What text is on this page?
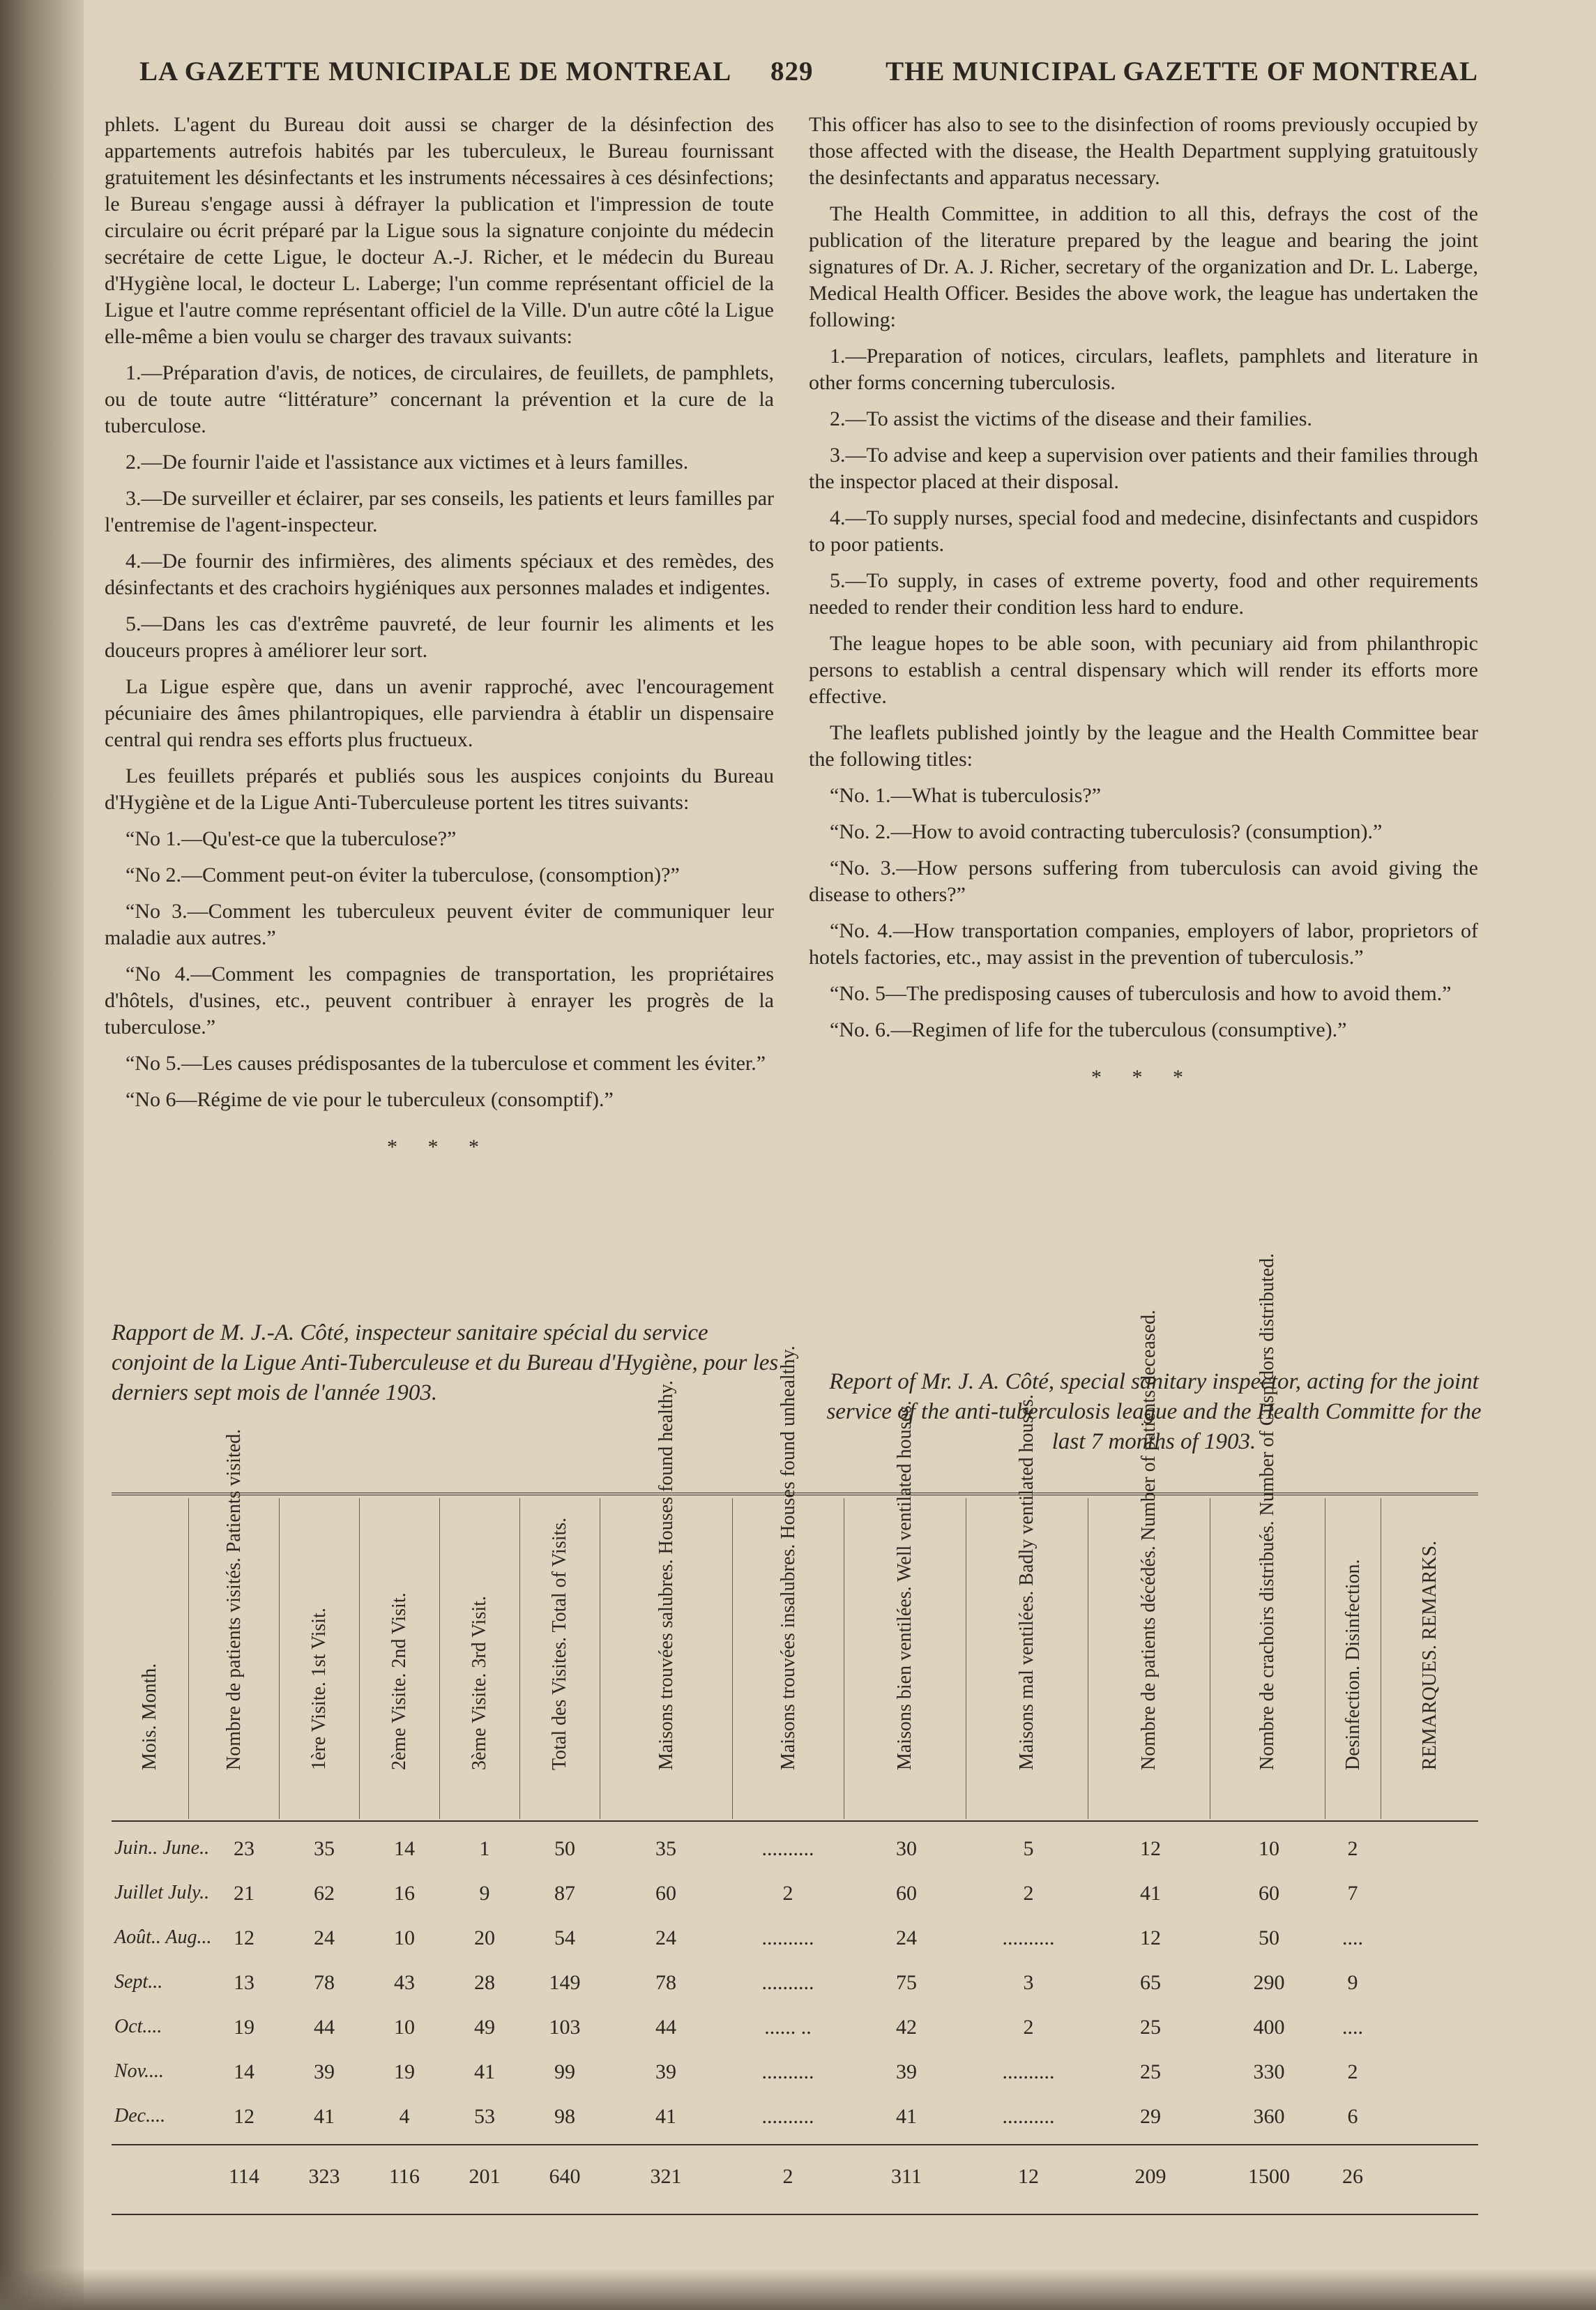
LA GAZETTE MUNICIPALE DE MONTREAL 829	THE MUNICIPAL GAZETTE OF MONTREAL

phlets. L'agent du Bureau doit aussi se charger de la désinfection des appartements autrefois habités par les tuberculeux, le Bureau fournissant gratuitement les désinfectants et les instruments nécessaires à ces désinfections; le Bureau s'engage aussi à défrayer la publication et l'impression de toute circulaire ou écrit préparé par la Ligue sous la signature conjointe du médecin secrétaire de cette Ligue, le docteur A.-J. Richer, et le médecin du Bureau d'Hygiène local, le docteur L. Laberge; l'un comme représentant officiel de la Ligue et l'autre comme représentant officiel de la Ville. D'un autre côté la Ligue elle-même a bien voulu se charger des travaux suivants:

1.—Préparation d'avis, de notices, de circulaires, de feuillets, de pamphlets, ou de toute autre “littérature” concernant la prévention et la cure de la tuberculose.

2.—De fournir l'aide et l'assistance aux victimes et à leurs familles.

3.—De surveiller et éclairer, par ses conseils, les patients et leurs familles par l'entremise de l'agent-inspecteur.

4.—De fournir des infirmières, des aliments spéciaux et des remèdes, des désinfectants et des crachoirs hygiéniques aux personnes malades et indigentes.

5.—Dans les cas d'extrême pauvreté, de leur fournir les aliments et les douceurs propres à améliorer leur sort.

La Ligue espère que, dans un avenir rapproché, avec l'encouragement pécuniaire des âmes philantropiques, elle parviendra à établir un dispensaire central qui rendra ses efforts plus fructueux.

Les feuillets préparés et publiés sous les auspices conjoints du Bureau d'Hygiène et de la Ligue Anti-Tuberculeuse portent les titres suivants:

“No 1.—Qu'est-ce que la tuberculose?”

“No 2.—Comment peut-on éviter la tuberculose, (consomption)?”

“No 3.—Comment les tuberculeux peuvent éviter de communiquer leur maladie aux autres.”

“No 4.—Comment les compagnies de transportation, les propriétaires d'hôtels, d'usines, etc., peuvent contribuer à enrayer les progrès de la tuberculose.”

“No 5.—Les causes prédisposantes de la tuberculose et comment les éviter.”

“No 6—Régime de vie pour le tuberculeux (consomptif).”

* * *

This officer has also to see to the disinfection of rooms previously occupied by those affected with the disease, the Health Department supplying gratuitously the desinfectants and apparatus necessary.

The Health Committee, in addition to all this, defrays the cost of the publication of the literature prepared by the league and bearing the joint signatures of Dr. A. J. Richer, secretary of the organization and Dr. L. Laberge, Medical Health Officer. Besides the above work, the league has undertaken the following:

1.—Preparation of notices, circulars, leaflets, pamphlets and literature in other forms concerning tuberculosis.

2.—To assist the victims of the disease and their families.

3.—To advise and keep a supervision over patients and their families through the inspector placed at their disposal.

4.—To supply nurses, special food and medecine, disinfectants and cuspidors to poor patients.

5.—To supply, in cases of extreme poverty, food and other requirements needed to render their condition less hard to endure.

The league hopes to be able soon, with pecuniary aid from philanthropic persons to establish a central dispensary which will render its efforts more effective.

The leaflets published jointly by the league and the Health Committee bear the following titles:

“No. 1.—What is tuberculosis?”

“No. 2.—How to avoid contracting tuberculosis? (consumption).”

“No. 3.—How persons suffering from tuberculosis can avoid giving the disease to others?”

“No. 4.—How transportation companies, employers of labor, proprietors of hotels factories, etc., may assist in the prevention of tuberculosis.”

“No. 5—The predisposing causes of tuberculosis and how to avoid them.”

“No. 6.—Regimen of life for the tuberculous (consumptive).”

* * *
Rapport de M. J.-A. Côté, inspecteur sanitaire spécial du service conjoint de la Ligue Anti-Tuberculeuse et du Bureau d'Hygiène, pour les derniers sept mois de l'année 1903.	Report of Mr. J. A. Côté, special sanitary inspector, acting for the joint service of the anti-tuberculosis league and the Health Committe for the last 7 months of 1903.
Mois. Month.	Nombre de patients visités. Patients visited.	1ère Visite. 1st Visit.	2ème Visite. 2nd Visit.	3ème Visite. 3rd Visit.	Total des Visites. Total of Visits.	Maisons trouvées salubres. Houses found healthy.	Maisons trouvées insalubres. Houses found unhealthy.	Maisons bien ventilées. Well ventilated houses.	Maisons mal ventilées. Badly ventilated houses.	Nombre de patients décédés. Number of patients deceased.	Nombre de crachoirs distribués. Number of Cuspidors distributed.	Desinfection. Disinfection.	REMARQUES. REMARKS.
Juin.. June..	23	35	14	1	50	35	..........	30	5	12	10	2
Juillet July..	21	62	16	9	87	60	2	60	2	41	60	7
Août.. Aug...	12	24	10	20	54	24	..........	24	..........	12	50	....
Sept...	13	78	43	28	149	78	..........	75	3	65	290	9
Oct....	19	44	10	49	103	44	...... ..	42	2	25	400	....
Nov....	14	39	19	41	99	39	..........	39	..........	25	330	2
Dec....	12	41	4	53	98	41	..........	41	..........	29	360	6
114	323	116	201	640	321	2	311	12	209	1500	26
